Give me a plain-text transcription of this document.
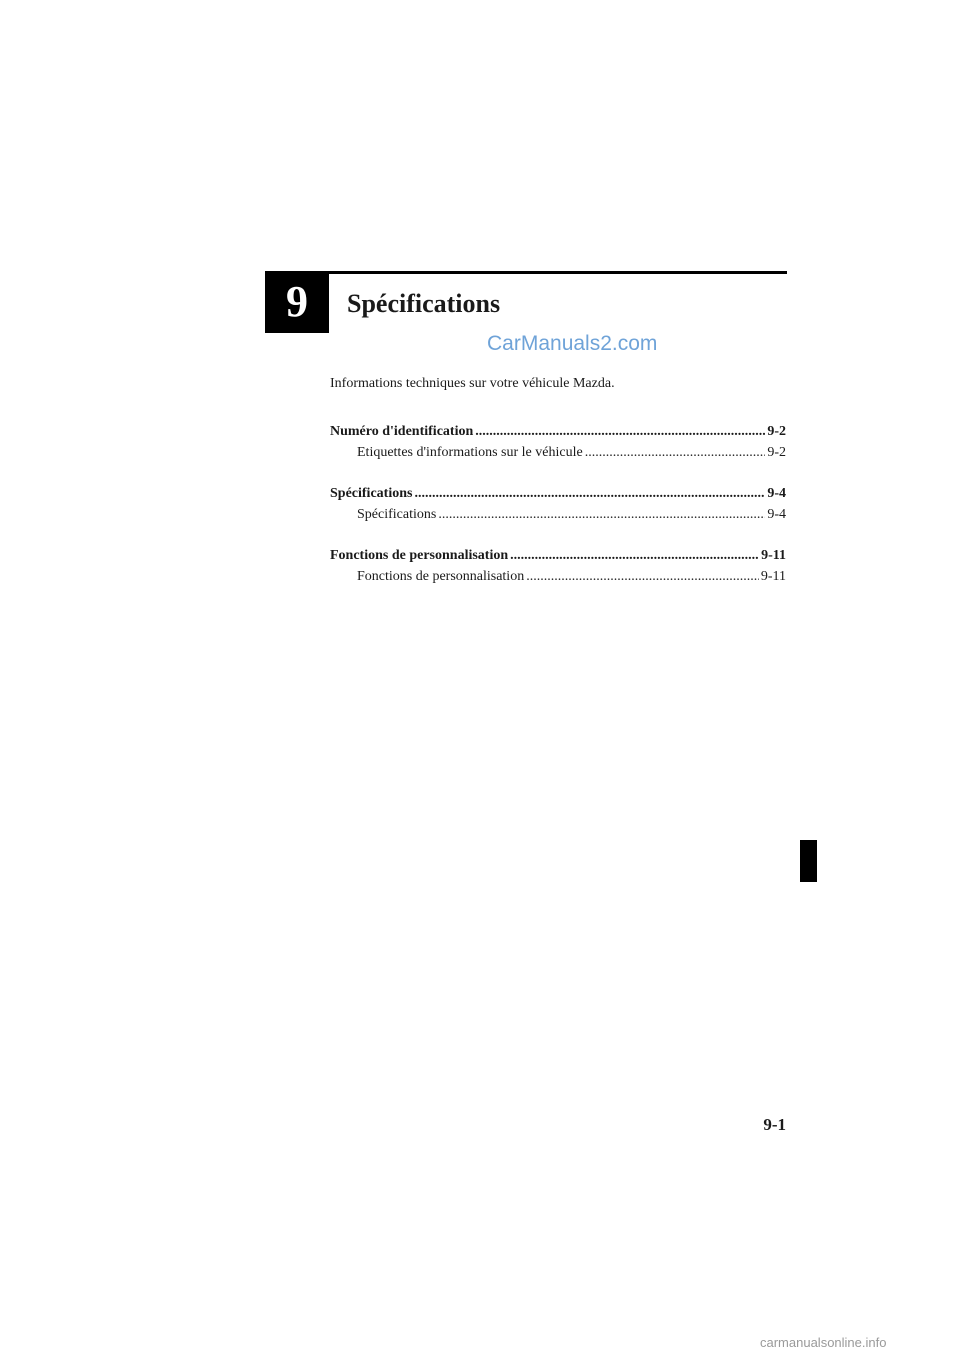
9	Spécifications
CarManuals2.com
Informations techniques sur votre véhicule Mazda.
Numéro d'identification .....	9-2
Etiquettes d'informations sur le véhicule .....	9-2
Spécifications .....	9-4
Spécifications .....	9-4
Fonctions de personnalisation .....	9-11
Fonctions de personnalisation .....	9-11
9-1
carmanualsonline.info
